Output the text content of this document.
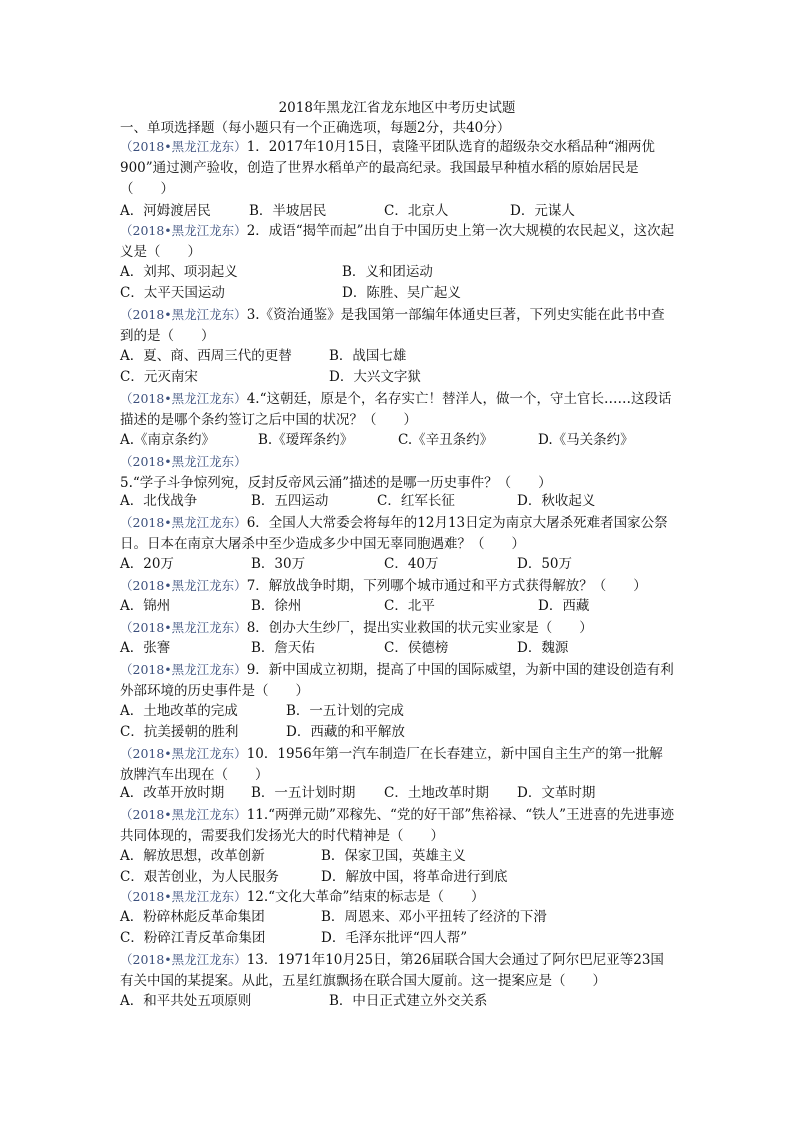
2018年黑龙江省龙东地区中考历史试题
一、单项选择题（每小题只有一个正确选项，每题2分，共40分）
（2018•黑龙江龙东）1．2017年10月15日，袁隆平团队选育的超级杂交水稻品种“湘两优900”通过测产验收，创造了世界水稻单产的最高纪录。我国最早种植水稻的原始居民是（　　）
A．河姆渡居民	B．半坡居民	C．北京人	D．元谋人
（2018•黑龙江龙东）2．成语“揭竿而起”出自于中国历史上第一次大规模的农民起义，这次起义是（　　）
A．刘邦、项羽起义	B．义和团运动
C．太平天国运动	D．陈胜、吴广起义
（2018•黑龙江龙东）3.《资治通鉴》是我国第一部编年体通史巨著，下列史实能在此书中查到的是（　　）
A．夏、商、西周三代的更替	B．战国七雄
C．元灭南宋	D．大兴文字狱
（2018•黑龙江龙东）4.“这朝廷，原是个，名存实亡！替洋人，做一个，守土官长……这段话描述的是哪个条约签订之后中国的状况？（　　）
A.《南京条约》	B.《瑷珲条约》	C.《辛丑条约》	D.《马关条约》
（2018•黑龙江龙东）5.“学子斗争惊列宛，反封反帝风云涌”描述的是哪一历史事件？（　　）
A．北伐战争	B．五四运动	C．红军长征	D．秋收起义
（2018•黑龙江龙东）6．全国人大常委会将每年的12月13日定为南京大屠杀死难者国家公祭日。日本在南京大屠杀中至少造成多少中国无辜同胞遇难？（　　）
A．20万	B．30万	C．40万	D．50万
（2018•黑龙江龙东）7．解放战争时期，下列哪个城市通过和平方式获得解放？（　　）
A．锦州	B．徐州	C．北平	D．西藏
（2018•黑龙江龙东）8．创办大生纱厂，提出实业救国的状元实业家是（　　）
A．张謇	B．詹天佑	C．侯德榜	D．魏源
（2018•黑龙江龙东）9．新中国成立初期，提高了中国的国际威望，为新中国的建设创造有利外部环境的历史事件是（　　）
A．土地改革的完成	B．一五计划的完成
C．抗美援朝的胜利	D．西藏的和平解放
（2018•黑龙江龙东）10．1956年第一汽车制造厂在长春建立，新中国自主生产的第一批解放牌汽车出现在（　　）
A．改革开放时期 B．一五计划时期 C．土地改革时期 D．文革时期
（2018•黑龙江龙东）11.“两弹元勋”邓稼先、“党的好干部”焦裕禄、“铁人”王进喜的先进事迹共同体现的，需要我们发扬光大的时代精神是（　　）
A．解放思想，改革创新	B．保家卫国，英雄主义
C．艰苦创业，为人民服务	D．解放中国，将革命进行到底
（2018•黑龙江龙东）12.“文化大革命”结束的标志是（　　）
A．粉碎林彪反革命集团	B．周恩来、邓小平扭转了经济的下滑
C．粉碎江青反革命集团	D．毛泽东批评“四人帮”
（2018•黑龙江龙东）13．1971年10月25日，第26届联合国大会通过了阿尔巴尼亚等23国有关中国的某提案。从此，五星红旗飘扬在联合国大厦前。这一提案应是（　　）
A．和平共处五项原则	B．中日正式建立外交关系
